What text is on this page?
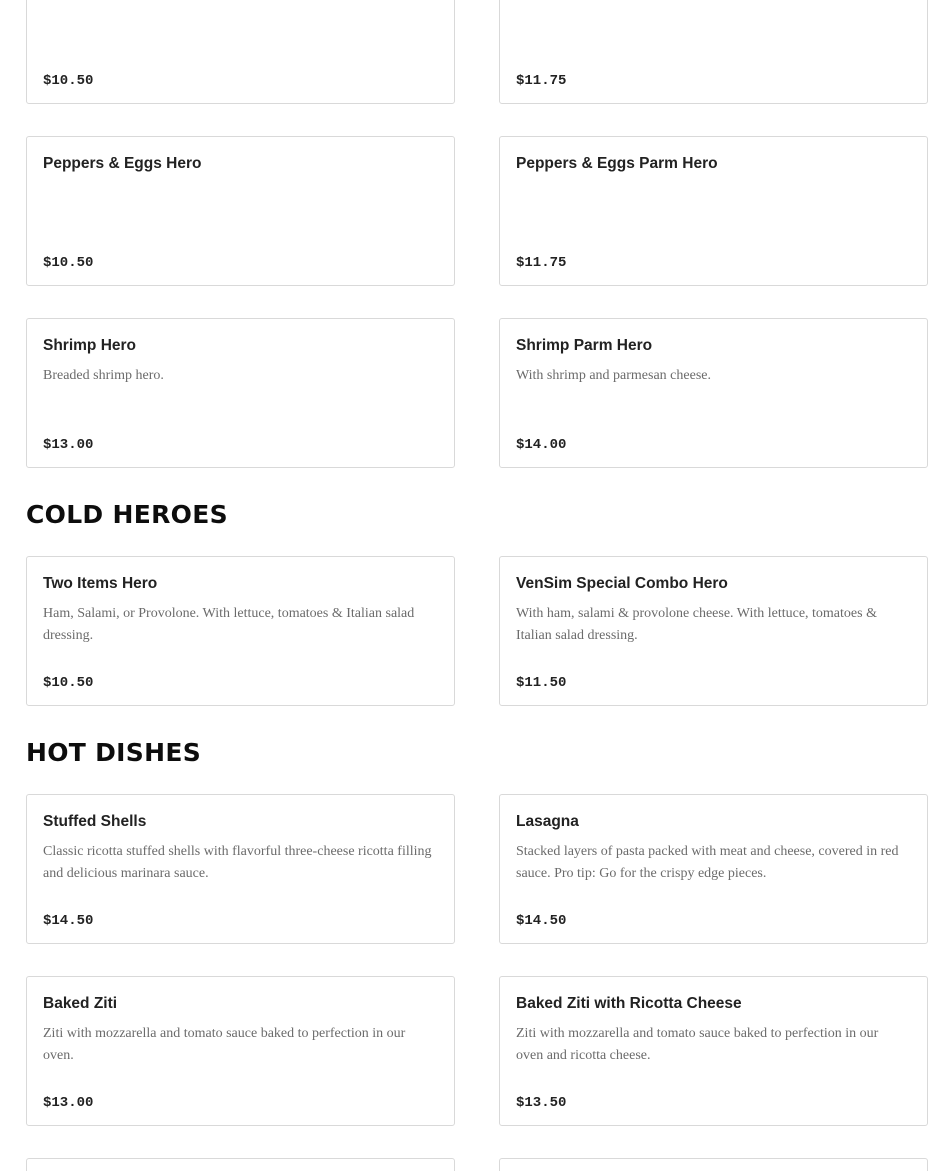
$10.50	$11.75
Peppers & Eggs Hero
$10.50
Peppers & Eggs Parm Hero
$11.75
Shrimp Hero
Breaded shrimp hero.
$13.00
Shrimp Parm Hero
With shrimp and parmesan cheese.
$14.00
COLD HEROES
Two Items Hero
Ham, Salami, or Provolone. With lettuce, tomatoes & Italian salad dressing.
$10.50
VenSim Special Combo Hero
With ham, salami & provolone cheese. With lettuce, tomatoes & Italian salad dressing.
$11.50
HOT DISHES
Stuffed Shells
Classic ricotta stuffed shells with flavorful three-cheese ricotta filling and delicious marinara sauce.
$14.50
Lasagna
Stacked layers of pasta packed with meat and cheese, covered in red sauce. Pro tip: Go for the crispy edge pieces.
$14.50
Baked Ziti
Ziti with mozzarella and tomato sauce baked to perfection in our oven.
$13.00
Baked Ziti with Ricotta Cheese
Ziti with mozzarella and tomato sauce baked to perfection in our oven and ricotta cheese.
$13.50
